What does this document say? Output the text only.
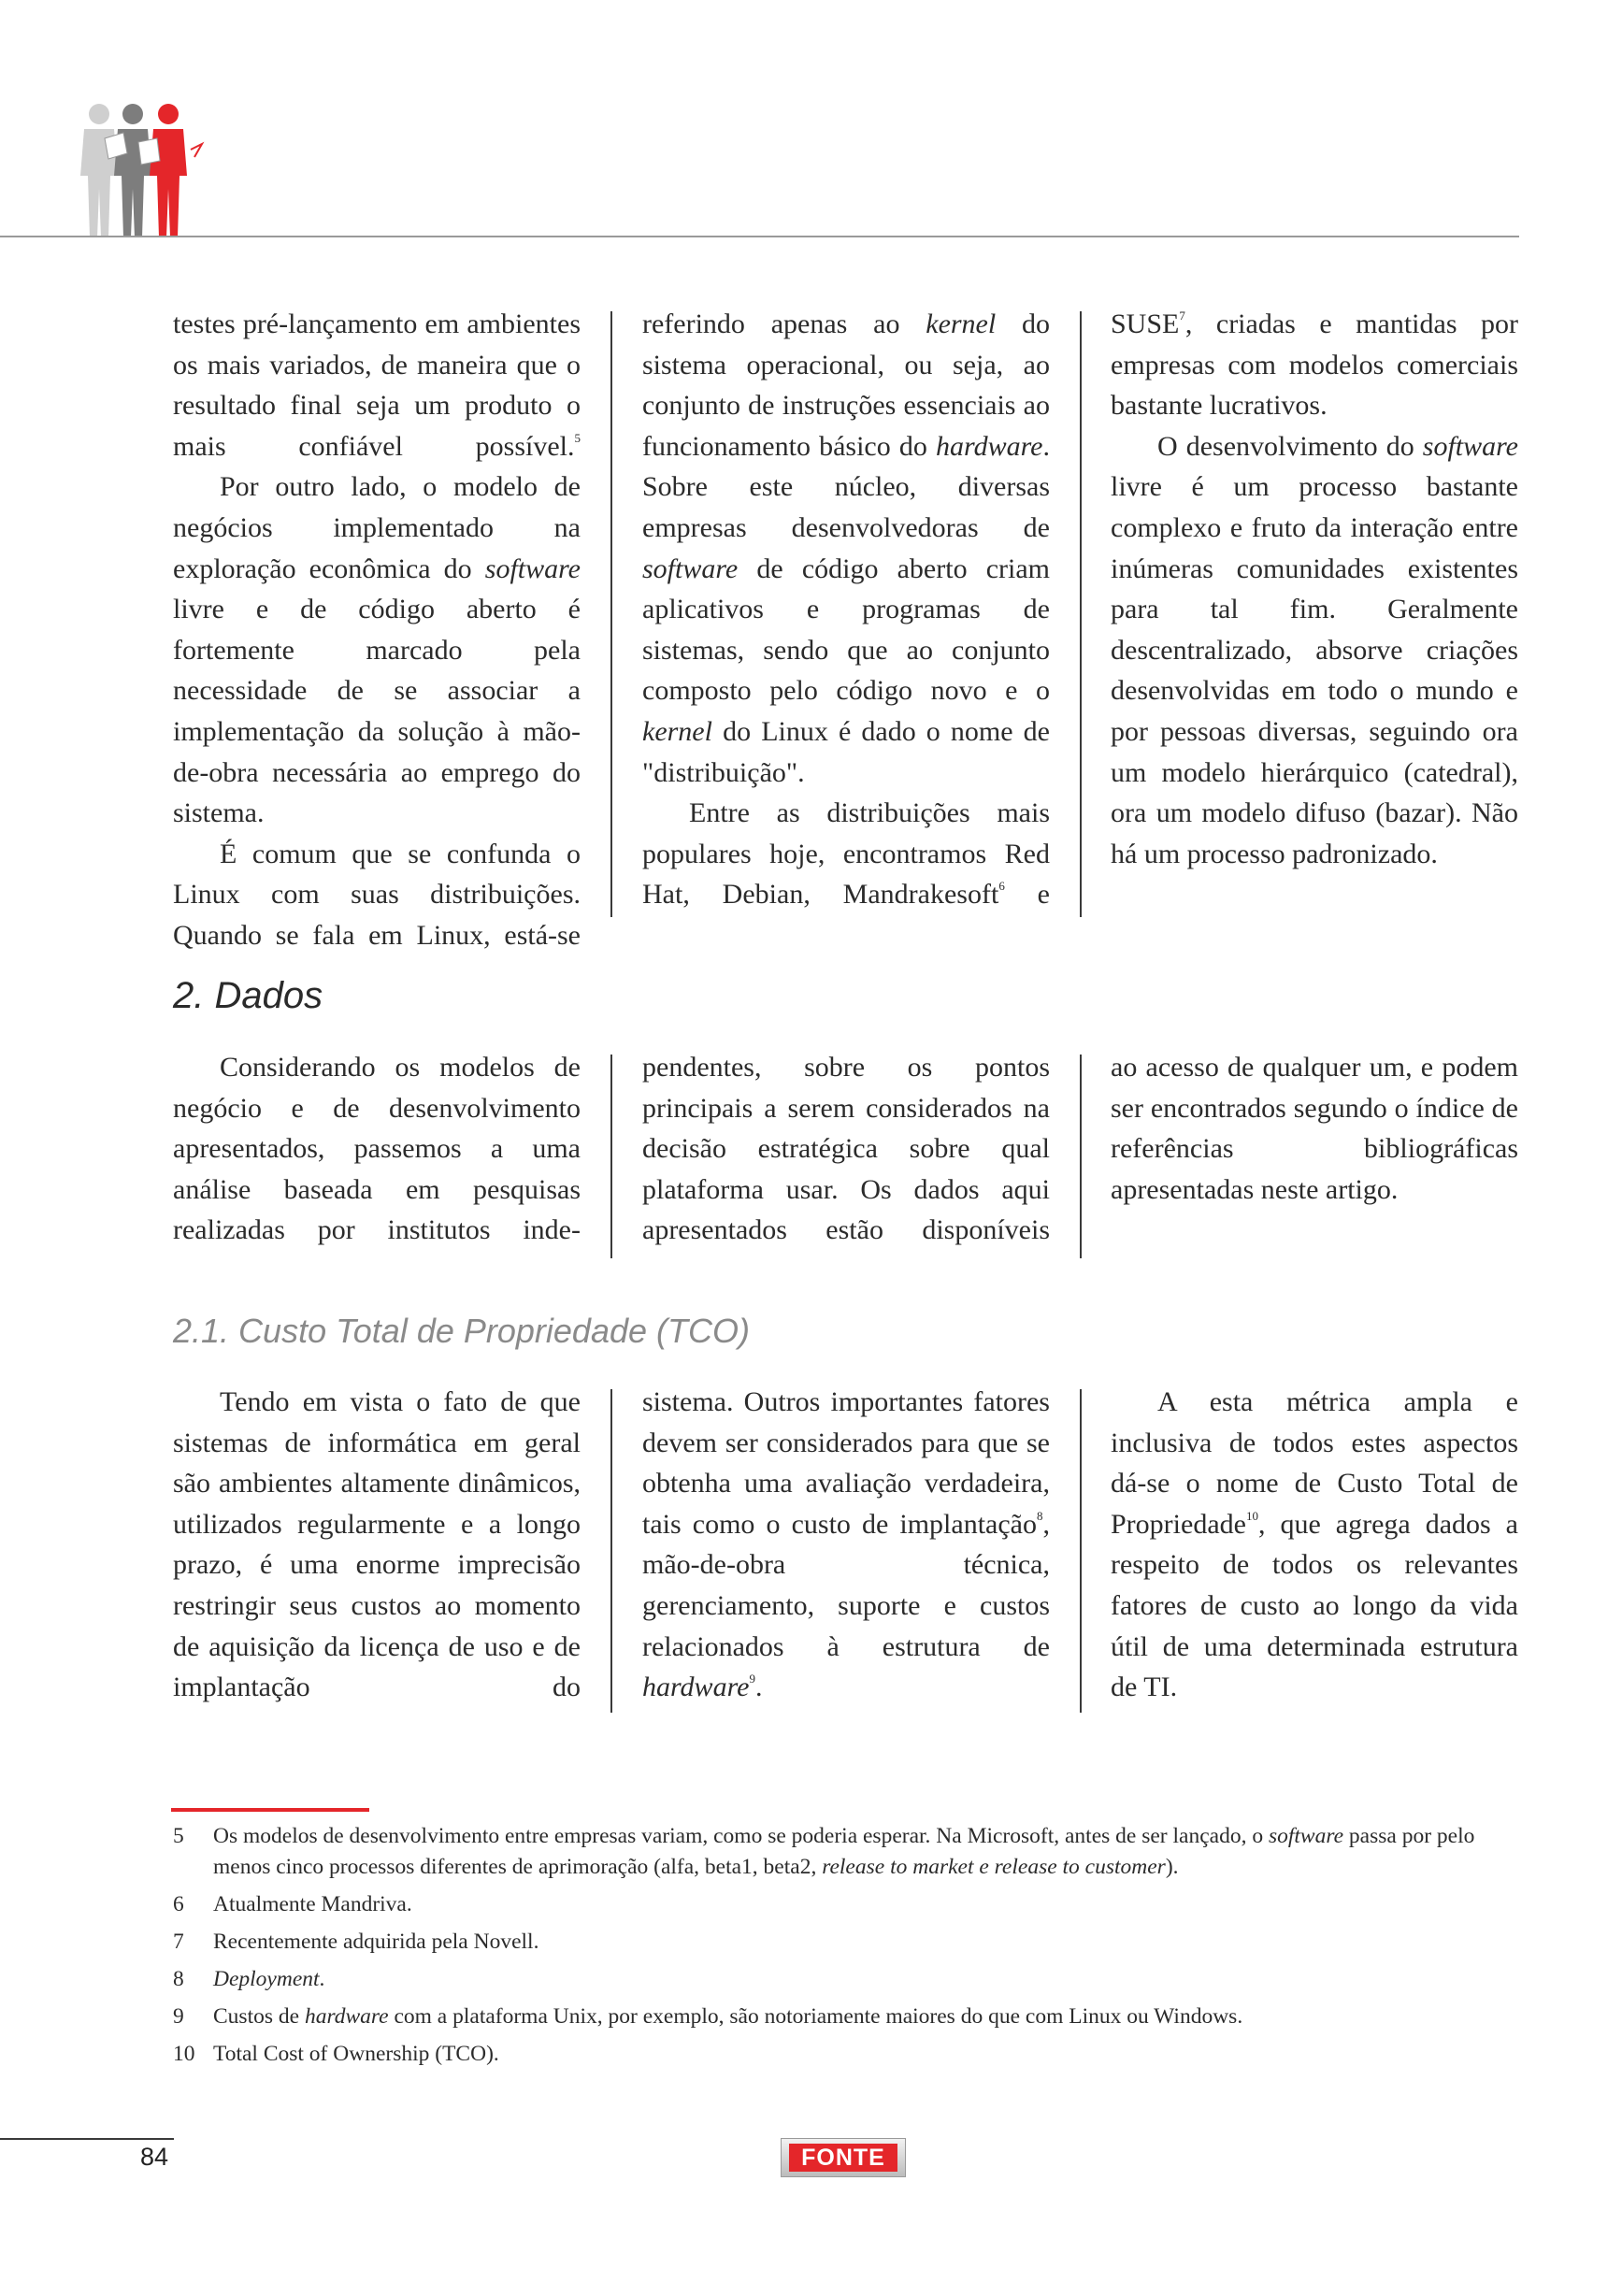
testes pré-lançamento em ambientes os mais variados, de maneira que o resultado final seja um produto o mais confiável possível.$^5$

Por outro lado, o modelo de negócios implementado na exploração econômica do software livre e de código aberto é fortemente marcado pela necessidade de se associar a implementação da solução à mão-de-obra necessária ao emprego do sistema.

É comum que se confunda o Linux com suas distribuições. Quando se fala em Linux, está-se

referindo apenas ao kernel do sistema operacional, ou seja, ao conjunto de instruções essenciais ao funcionamento básico do hardware. Sobre este núcleo, diversas empresas desenvolvedoras de software de código aberto criam aplicativos e programas de sistemas, sendo que ao conjunto composto pelo código novo e o kernel do Linux é dado o nome de "distribuição".

Entre as distribuições mais populares hoje, encontramos Red Hat, Debian, Mandrakesoft$^6$ e

SUSE$^7$, criadas e mantidas por empresas com modelos comerciais bastante lucrativos.

O desenvolvimento do software livre é um processo bastante complexo e fruto da interação entre inúmeras comunidades existentes para tal fim. Geralmente descentralizado, absorve criações desenvolvidas em todo o mundo e por pessoas diversas, seguindo ora um modelo hierárquico (catedral), ora um modelo difuso (bazar). Não há um processo padronizado.

2. Dados

Considerando os modelos de negócio e de desenvolvimento apresentados, passemos a uma análise baseada em pesquisas realizadas por institutos inde-

pendentes, sobre os pontos principais a serem considerados na decisão estratégica sobre qual plataforma usar. Os dados aqui apresentados estão disponíveis

ao acesso de qualquer um, e podem ser encontrados segundo o índice de referências bibliográficas apresentadas neste artigo.

2.1. Custo Total de Propriedade (TCO)

Tendo em vista o fato de que sistemas de informática em geral são ambientes altamente dinâmicos, utilizados regularmente e a longo prazo, é uma enorme imprecisão restringir seus custos ao momento de aquisição da licença de uso e de implantação do

sistema. Outros importantes fatores devem ser considerados para que se obtenha uma avaliação verdadeira, tais como o custo de implantação$^8$, mão-de-obra técnica, gerenciamento, suporte e custos relacionados à estrutura de hardware$^9$.

A esta métrica ampla e inclusiva de todos estes aspectos dá-se o nome de Custo Total de Propriedade$^{10}$, que agrega dados a respeito de todos os relevantes fatores de custo ao longo da vida útil de uma determinada estrutura de TI.

5	Os modelos de desenvolvimento entre empresas variam, como se poderia esperar. Na Microsoft, antes de ser lançado, o software passa por pelo menos cinco processos diferentes de aprimoração (alfa, beta1, beta2, release to market e release to customer).
6	Atualmente Mandriva.
7	Recentemente adquirida pela Novell.
8	Deployment.
9	Custos de hardware com a plataforma Unix, por exemplo, são notoriamente maiores do que com Linux ou Windows.
10 Total Cost of Ownership (TCO).
84	FONTE
